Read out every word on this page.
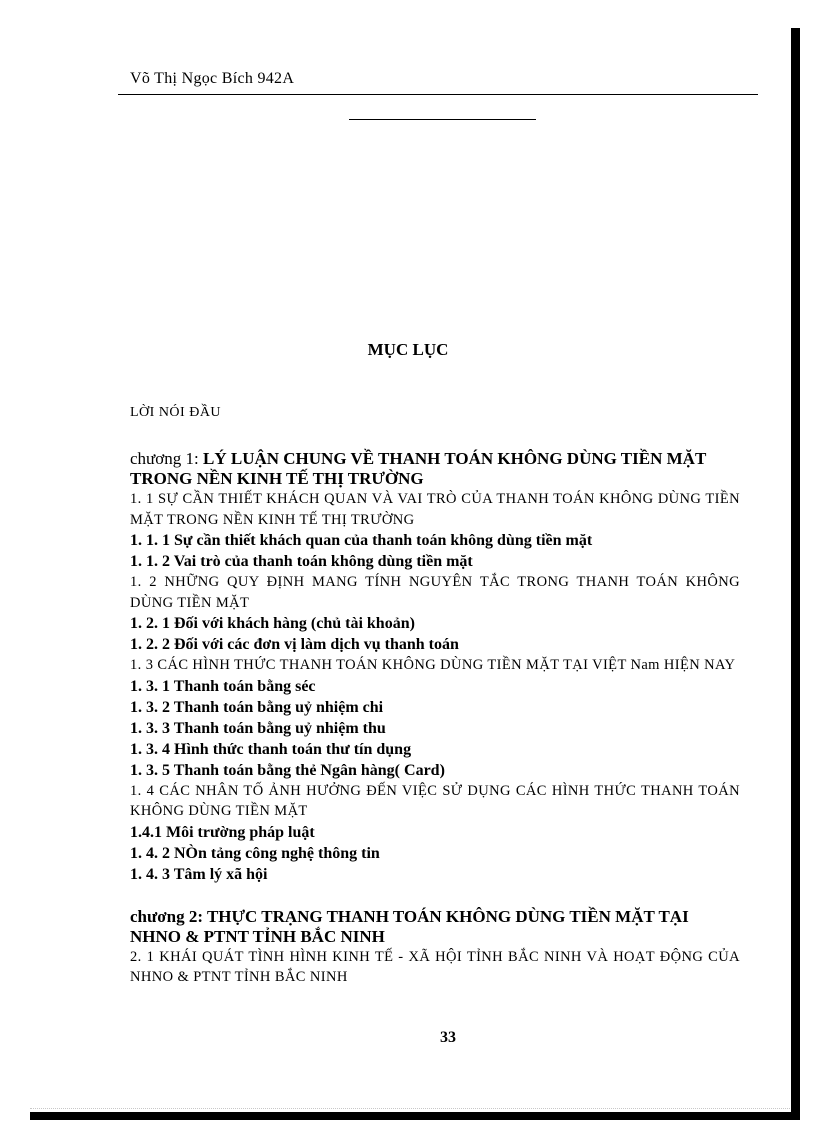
Võ Thị Ngọc Bích 942A
MỤC LỤC
LỜI NÓI ĐẦU

chương 1: LÝ LUẬN CHUNG VỀ THANH TOÁN KHÔNG DÙNG TIỀN MẶT TRONG NỀN KINH TẾ THỊ TRƯỜNG

1. 1 SỰ CẦN THIẾT KHÁCH QUAN VÀ VAI TRÒ CỦA THANH TOÁN KHÔNG DÙNG TIỀN MẶT TRONG NỀN KINH TẾ THỊ TRƯỜNG

1. 1. 1 Sự cần thiết khách quan của thanh toán không dùng tiền mặt

1. 1. 2 Vai trò của thanh toán không dùng tiền mặt

1. 2 NHỮNG QUY ĐỊNH MANG TÍNH NGUYÊN TẮC TRONG THANH TOÁN KHÔNG DÙNG TIỀN MẶT

1. 2. 1 Đối với khách hàng (chủ tài khoản)

1. 2. 2 Đối với các đơn vị làm dịch vụ thanh toán

1. 3 CÁC HÌNH THỨC THANH TOÁN KHÔNG DÙNG TIỀN MẶT TẠI VIỆT Nam HIỆN NAY

1. 3. 1 Thanh toán bằng séc

1. 3. 2 Thanh toán bằng uỷ nhiệm chi

1. 3. 3 Thanh toán bằng uỷ nhiệm thu

1. 3. 4 Hình thức thanh toán thư tín dụng

1. 3. 5 Thanh toán bằng thẻ Ngân hàng( Card)

1. 4 CÁC NHÂN TỐ ẢNH HƯỞNG ĐẾN VIỆC SỬ DỤNG CÁC HÌNH THỨC THANH TOÁN KHÔNG DÙNG TIỀN MẶT

1.4.1 Môi trường pháp luật

1. 4. 2 NÒn tảng công nghệ thông tin

1. 4. 3 Tâm lý xã hội

chương 2: THỰC TRẠNG THANH TOÁN KHÔNG DÙNG TIỀN MẶT TẠI NHNO & PTNT TỈNH BẮC NINH

2. 1 KHÁI QUÁT TÌNH HÌNH KINH TẾ - XÃ HỘI TỈNH BẮC NINH VÀ HOẠT ĐỘNG CỦA NHNO & PTNT TỈNH BẮC NINH

33
